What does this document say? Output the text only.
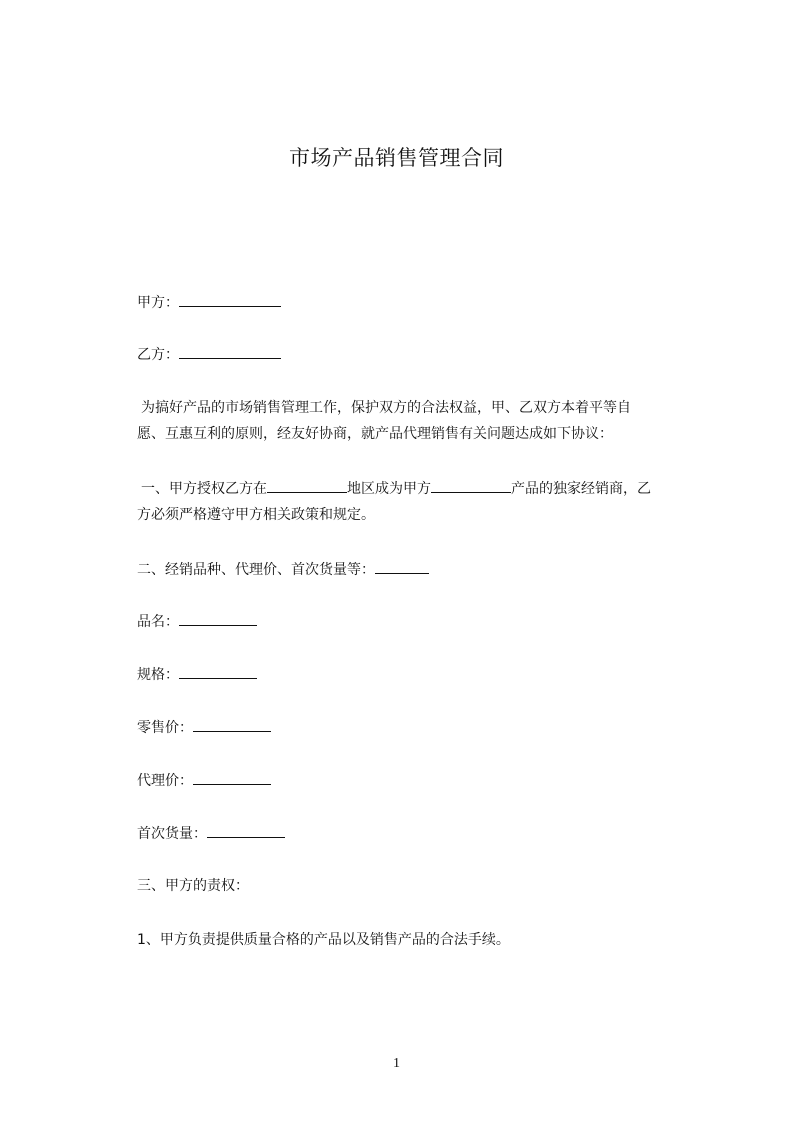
市场产品销售管理合同
甲方：
乙方：
为搞好产品的市场销售管理工作，保护双方的合法权益，甲、乙双方本着平等自
愿、互惠互利的原则，经友好协商，就产品代理销售有关问题达成如下协议：
一、甲方授权乙方在	地区成为甲方	产品的独家经销商，乙
方必须严格遵守甲方相关政策和规定。
二、经销品种、代理价、首次货量等：
品名：
规格：
零售价：
代理价：
首次货量：
三、甲方的责权：
1、甲方负责提供质量合格的产品以及销售产品的合法手续。
1
